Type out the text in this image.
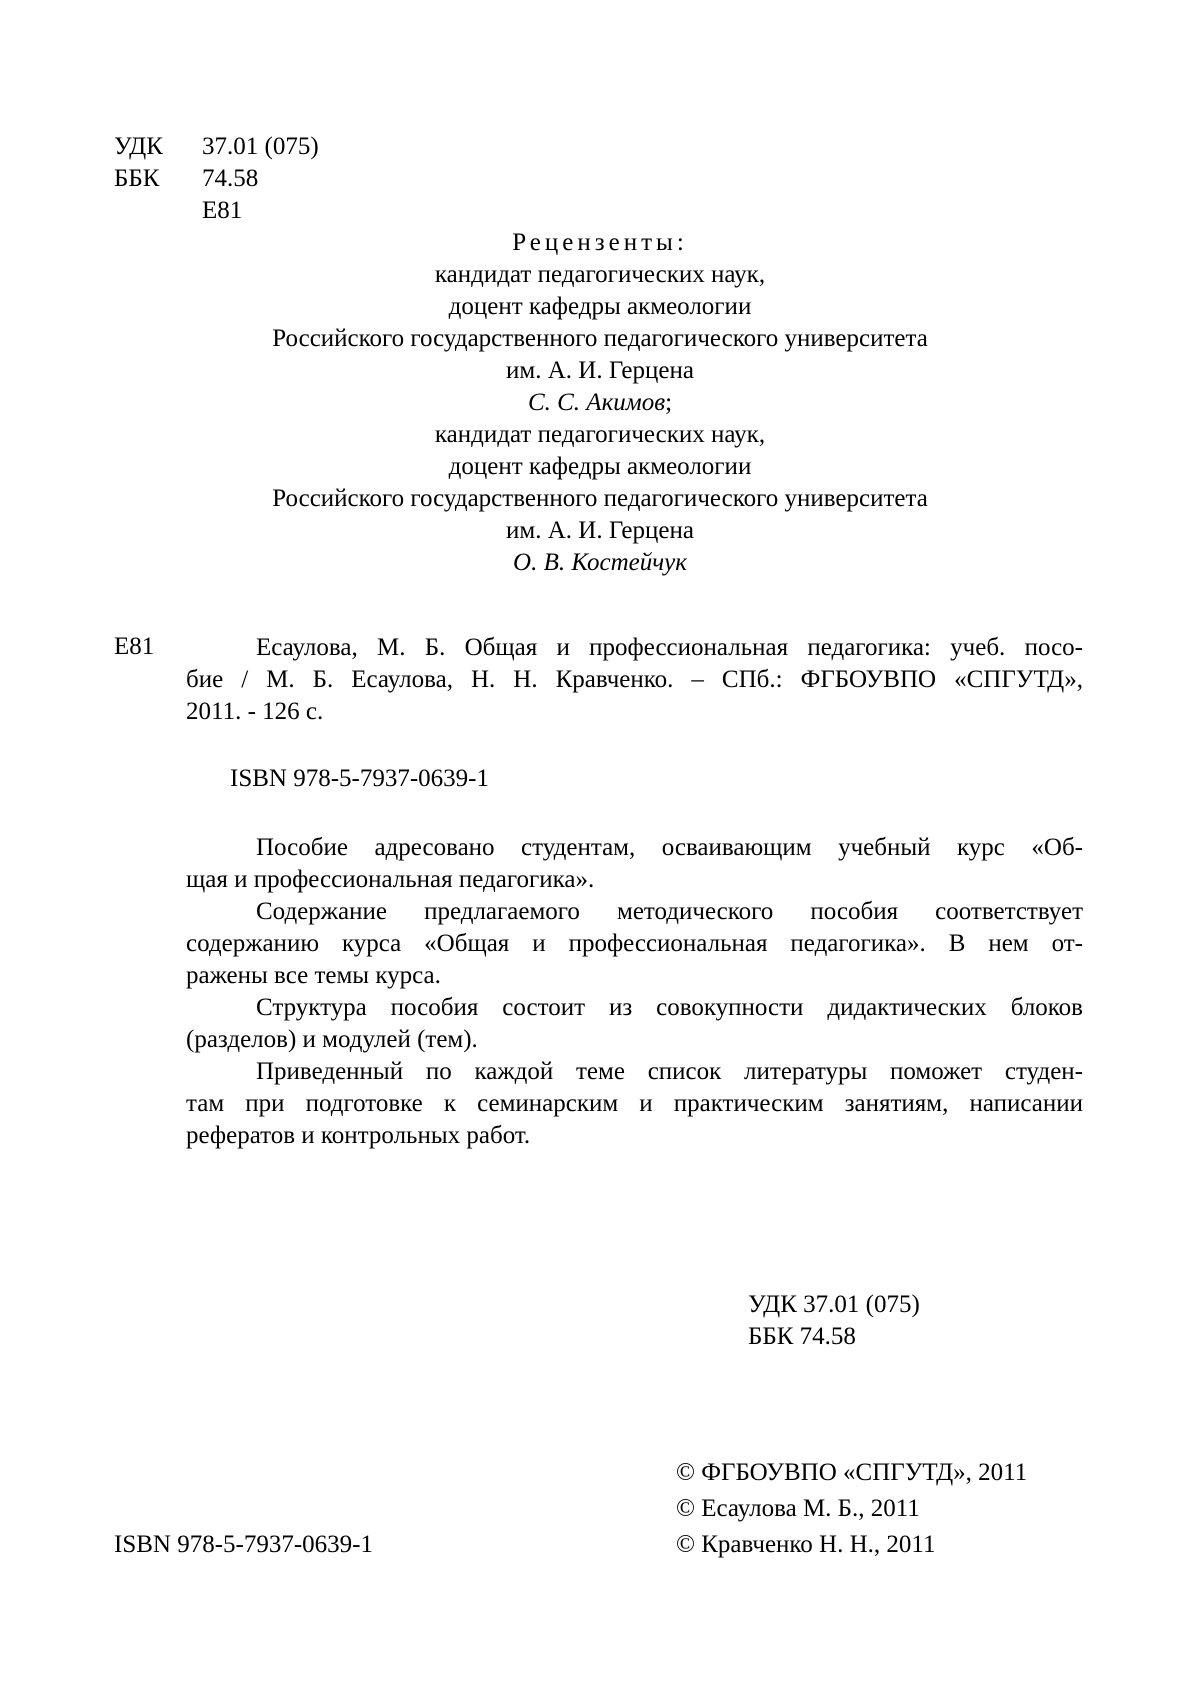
УДК 37.01 (075)
ББК 74.58
Е81
Рецензенты:
кандидат педагогических наук,
доцент кафедры акмеологии
Российского государственного педагогического университета
им. А. И. Герцена
С. С. Акимов;
кандидат педагогических наук,
доцент кафедры акмеологии
Российского государственного педагогического университета
им. А. И. Герцена
О. В. Костейчук
Е81	Есаулова, М. Б. Общая и профессиональная педагогика: учеб. посо-
бие / М. Б. Есаулова, Н. Н. Кравченко. – СПб.: ФГБОУВПО «СПГУТД»,
2011. - 126 с.
ISBN 978-5-7937-0639-1
Пособие адресовано студентам, осваивающим учебный курс «Об-
щая и профессиональная педагогика».
Содержание предлагаемого методического пособия соответствует
содержанию курса «Общая и профессиональная педагогика». В нем от-
ражены все темы курса.
Структура пособия состоит из совокупности дидактических блоков
(разделов) и модулей (тем).
Приведенный по каждой теме список литературы поможет студен-
там при подготовке к семинарским и практическим занятиям, написании
рефератов и контрольных работ.
УДК 37.01 (075)
ББК 74.58
© ФГБОУВПО «СПГУТД», 2011
© Есаулова М. Б., 2011
© Кравченко Н. Н., 2011
ISBN 978-5-7937-0639-1
